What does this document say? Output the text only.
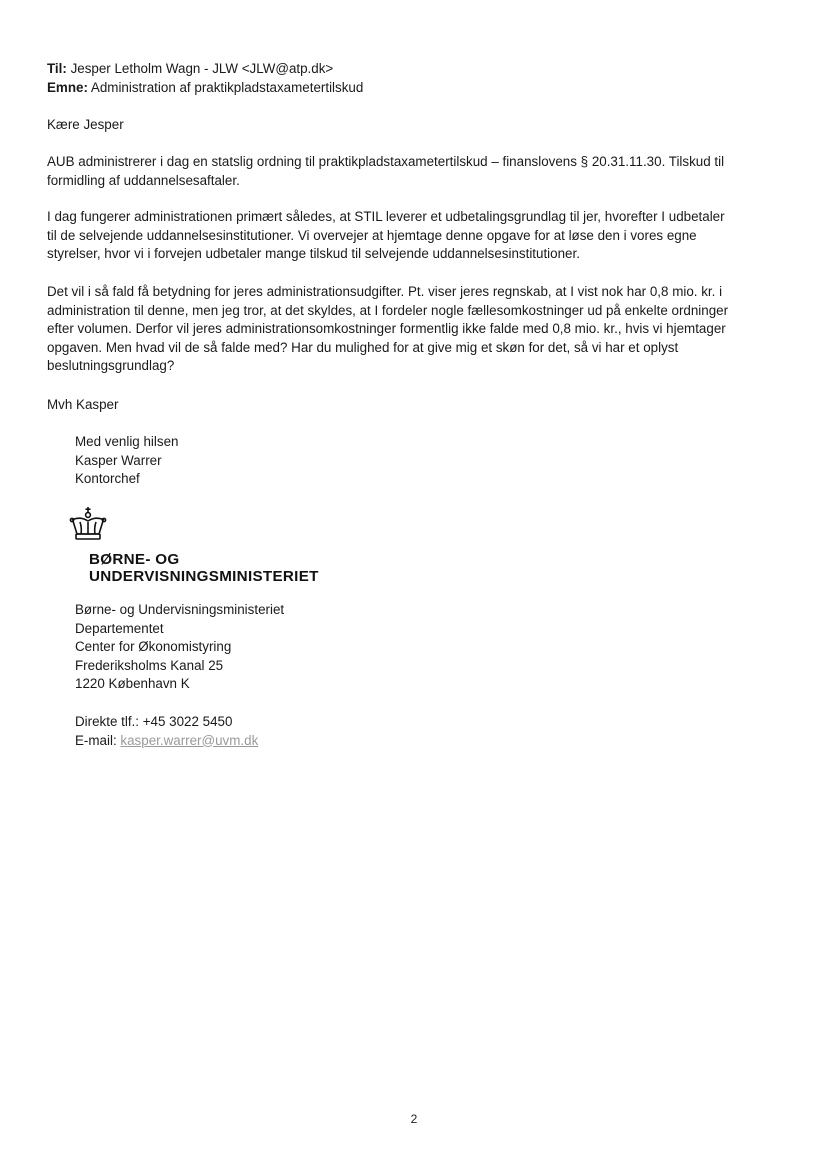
Til: Jesper Letholm Wagn - JLW <JLW@atp.dk>

Emne: Administration af praktikpladstaxametertilskud

Kære Jesper

AUB administrerer i dag en statslig ordning til praktikpladstaxametertilskud – finanslovens § 20.31.11.30. Tilskud til

formidling af uddannelsesaftaler.

I dag fungerer administrationen primært således, at STIL leverer et udbetalingsgrundlag til jer, hvorefter I udbetaler

til de selvejende uddannelsesinstitutioner. Vi overvejer at hjemtage denne opgave for at løse den i vores egne

styrelser, hvor vi i forvejen udbetaler mange tilskud til selvejende uddannelsesinstitutioner.

Det vil i så fald få betydning for jeres administrationsudgifter. Pt. viser jeres regnskab, at I vist nok har 0,8 mio. kr. i

administration til denne, men jeg tror, at det skyldes, at I fordeler nogle fællesomkostninger ud på enkelte ordninger

efter volumen. Derfor vil jeres administrationsomkostninger formentlig ikke falde med 0,8 mio. kr., hvis vi hjemtager

opgaven. Men hvad vil de så falde med? Har du mulighed for at give mig et skøn for det, så vi har et oplyst

beslutningsgrundlag?

Mvh Kasper

Med venlig hilsen

Kasper Warrer

Kontorchef

BØRNE- OG
UNDERVISNINGSMINISTERIET

Børne- og Undervisningsministeriet

Departementet

Center for Økonomistyring

Frederiksholms Kanal 25

1220 København K

Direkte tlf.: +45 3022 5450

E-mail: kasper.warrer@uvm.dk

2
